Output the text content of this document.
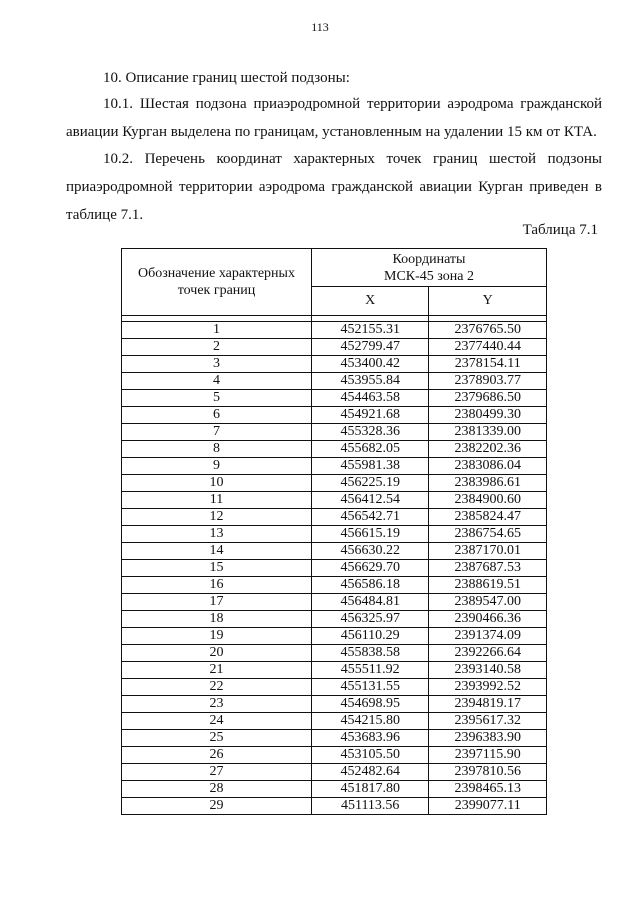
113
10. Описание границ шестой подзоны:
10.1. Шестая подзона приаэродромной территории аэродрома гражданской авиации Курган выделена по границам, установленным на удалении 15 км от КТА.
10.2. Перечень координат характерных точек границ шестой подзоны приаэродромной территории аэродрома гражданской авиации Курган приведен в таблице 7.1.
Таблица 7.1
Обозначение характерных точек границ	Координаты
МСК-45 зона 2	
	X	Y

1	452155.31	2376765.50
2	452799.47	2377440.44
3	453400.42	2378154.11
4	453955.84	2378903.77
5	454463.58	2379686.50
6	454921.68	2380499.30
7	455328.36	2381339.00
8	455682.05	2382202.36
9	455981.38	2383086.04
10	456225.19	2383986.61
11	456412.54	2384900.60
12	456542.71	2385824.47
13	456615.19	2386754.65
14	456630.22	2387170.01
15	456629.70	2387687.53
16	456586.18	2388619.51
17	456484.81	2389547.00
18	456325.97	2390466.36
19	456110.29	2391374.09
20	455838.58	2392266.64
21	455511.92	2393140.58
22	455131.55	2393992.52
23	454698.95	2394819.17
24	454215.80	2395617.32
25	453683.96	2396383.90
26	453105.50	2397115.90
27	452482.64	2397810.56
28	451817.80	2398465.13
29	451113.56	2399077.11
